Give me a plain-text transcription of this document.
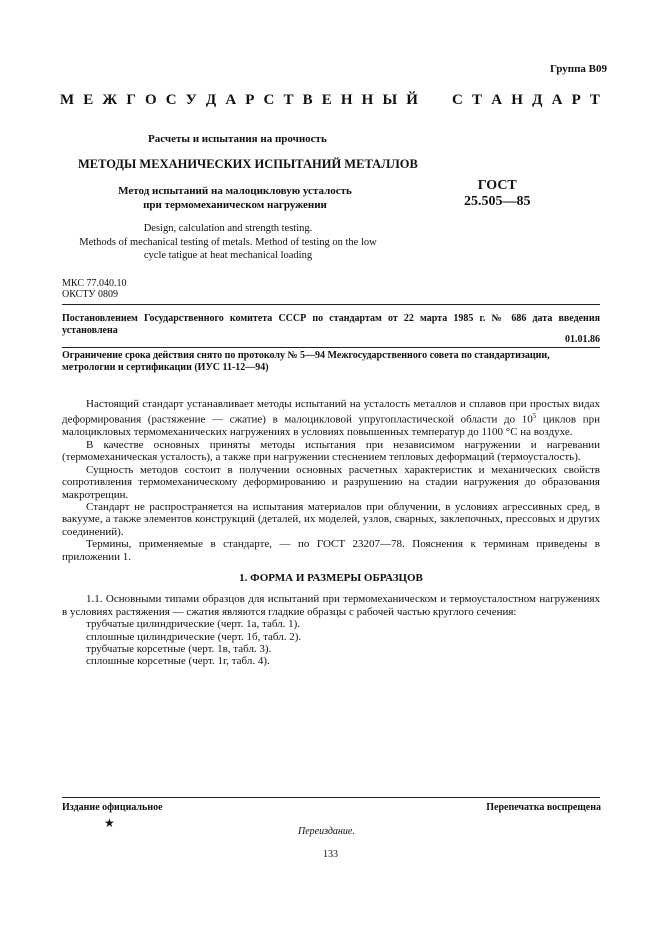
Группа В09
М Е Ж Г О С У Д А Р С Т В Е Н Н Ы Й С Т А Н Д А Р Т
Расчеты и испытания на прочность
МЕТОДЫ МЕХАНИЧЕСКИХ ИСПЫТАНИЙ МЕТАЛЛОВ
Метод испытаний на малоцикловую усталость
при термомеханическом нагружении
ГОСТ
25.505—85
Design, calculation and strength testing.
Methods of mechanical testing of metals. Method of testing on the low
cycle tatigue at heat mechanical loading
МКС 77.040.10
ОКСТУ 0809
Постановлением Государственного комитета СССР по стандартам от 22 марта 1985 г. № 686 дата введения установлена
01.01.86
Ограничение срока действия снято по протоколу № 5—94 Межгосударственного совета по стандартизации, метрологии и сертификации (ИУС 11-12—94)

Настоящий стандарт устанавливает методы испытаний на усталость металлов и сплавов при простых видах деформирования (растяжение — сжатие) в малоцикловой упругопластической области до $10^5$ циклов при малоцикловых термомеханических нагружениях в условиях повышенных температур до 1100 °С на воздухе.

В качестве основных приняты методы испытания при независимом нагружении и нагревании (термомеханическая усталость), а также при нагружении стеснением тепловых деформаций (термоусталость).

Сущность методов состоит в получении основных расчетных характеристик и механических свойств сопротивления термомеханическому деформированию и разрушению на стадии нагружения до образования макротрещин.

Стандарт не распространяется на испытания материалов при облучении, в условиях агрессивных сред, в вакууме, а также элементов конструкций (деталей, их моделей, узлов, сварных, заклепочных, прессовых и других соединений).

Термины, применяемые в стандарте, — по ГОСТ 23207—78. Пояснения к терминам приведены в приложении 1.

1. ФОРМА И РАЗМЕРЫ ОБРАЗЦОВ

1.1. Основными типами образцов для испытаний при термомеханическом и термоусталостном нагружениях в условиях растяжения — сжатия являются гладкие образцы с рабочей частью круглого сечения:

трубчатые цилиндрические (черт. 1а, табл. 1).

сплошные цилиндрические (черт. 1б, табл. 2).

трубчатые корсетные (черт. 1в, табл. 3).

сплошные корсетные (черт. 1г, табл. 4).

Издание официальное	Перепечатка воспрещена
★
Переиздание.
133
